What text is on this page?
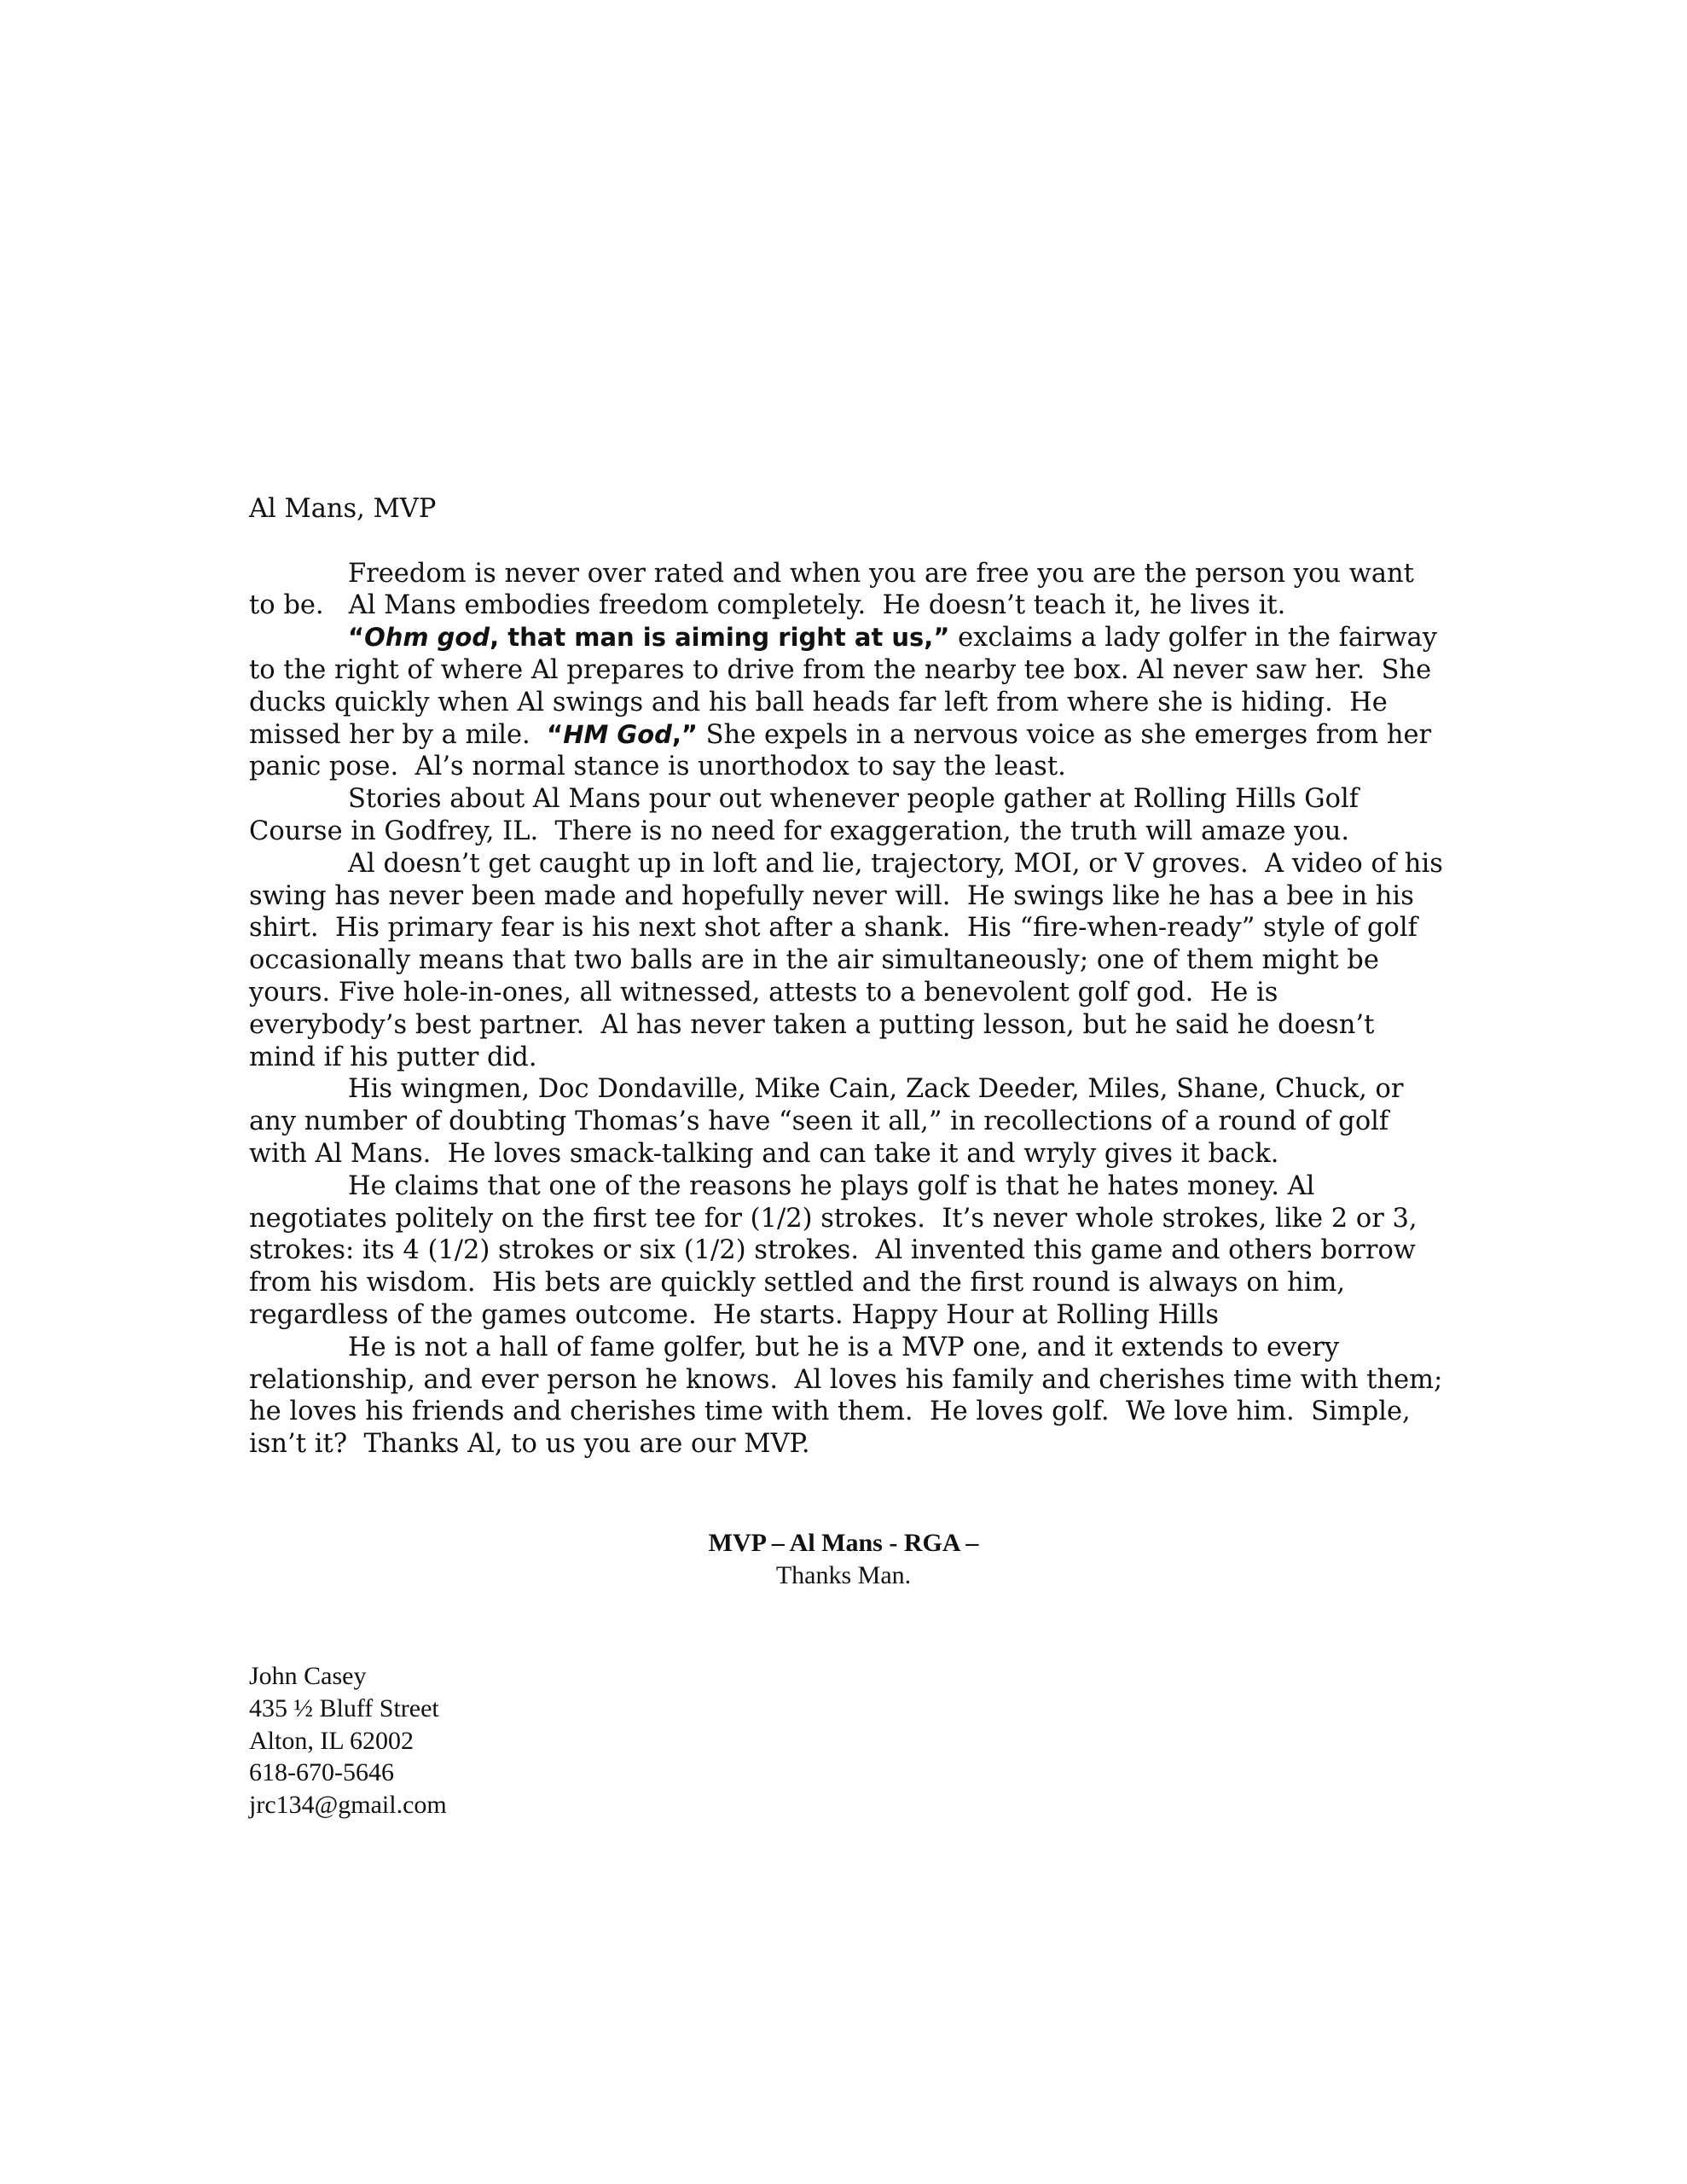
Al Mans, MVP

Freedom is never over rated and when you are free you are the person you want to be.   Al Mans embodies freedom completely.  He doesn’t teach it, he lives it.

“Ohm god, that man is aiming right at us,” exclaims a lady golfer in the fairway to the right of where Al prepares to drive from the nearby tee box. Al never saw her.  She ducks quickly when Al swings and his ball heads far left from where she is hiding.  He missed her by a mile.  “HM God,” She expels in a nervous voice as she emerges from her panic pose.  Al’s normal stance is unorthodox to say the least.

Stories about Al Mans pour out whenever people gather at Rolling Hills Golf Course in Godfrey, IL.  There is no need for exaggeration, the truth will amaze you.

Al doesn’t get caught up in loft and lie, trajectory, MOI, or V groves.  A video of his swing has never been made and hopefully never will.  He swings like he has a bee in his shirt.  His primary fear is his next shot after a shank.  His “fire-when-ready” style of golf occasionally means that two balls are in the air simultaneously; one of them might be yours. Five hole-in-ones, all witnessed, attests to a benevolent golf god.  He is everybody’s best partner.  Al has never taken a putting lesson, but he said he doesn’t mind if his putter did.

His wingmen, Doc Dondaville, Mike Cain, Zack Deeder, Miles, Shane, Chuck, or any number of doubting Thomas’s have “seen it all,” in recollections of a round of golf with Al Mans.  He loves smack-talking and can take it and wryly gives it back.

He claims that one of the reasons he plays golf is that he hates money. Al negotiates politely on the first tee for (1/2) strokes.  It’s never whole strokes, like 2 or 3, strokes: its 4 (1/2) strokes or six (1/2) strokes.  Al invented this game and others borrow from his wisdom.  His bets are quickly settled and the first round is always on him, regardless of the games outcome.  He starts. Happy Hour at Rolling Hills

He is not a hall of fame golfer, but he is a MVP one, and it extends to every relationship, and ever person he knows.  Al loves his family and cherishes time with them; he loves his friends and cherishes time with them.  He loves golf.  We love him.  Simple, isn’t it?  Thanks Al, to us you are our MVP.

MVP – Al Mans - RGA –
Thanks Man.
John Casey
435 ½ Bluff Street
Alton, IL 62002
618-670-5646
jrc134@gmail.com
